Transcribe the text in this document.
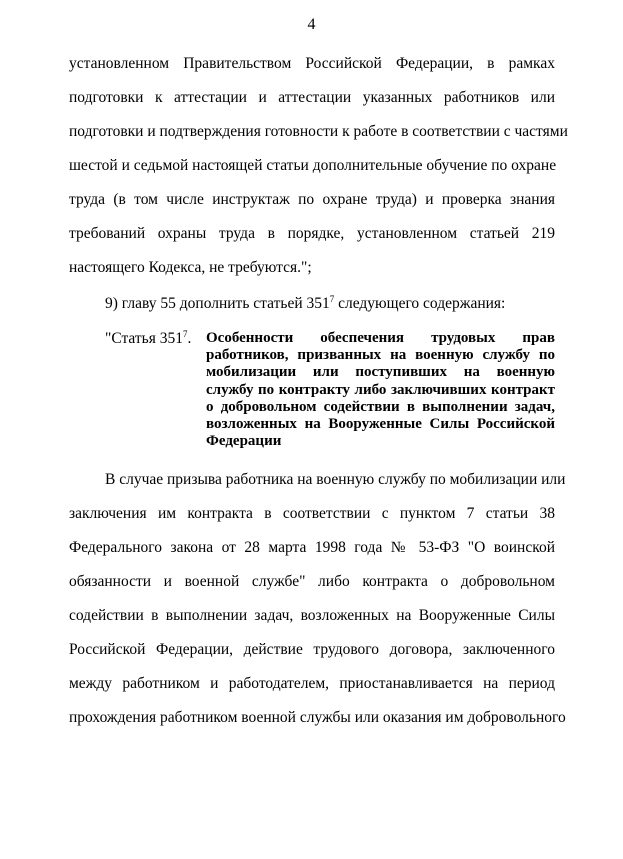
4
установленном Правительством Российской Федерации, в рамках
подготовки к аттестации и аттестации указанных работников или
подготовки и подтверждения готовности к работе в соответствии с частями
шестой и седьмой настоящей статьи дополнительные обучение по охране
труда (в том числе инструктаж по охране труда) и проверка знания
требований охраны труда в порядке, установленном статьей 219
настоящего Кодекса, не требуются.";
9) главу 55 дополнить статьей $351^7$ следующего содержания:
"Статья $351^7$. Особенности обеспечения трудовых прав
работников, призванных на военную службу по
мобилизации или поступивших на военную
службу по контракту либо заключивших контракт
о добровольном содействии в выполнении задач,
возложенных на Вооруженные Силы Российской
Федерации
В случае призыва работника на военную службу по мобилизации или
заключения им контракта в соответствии с пунктом 7 статьи 38
Федерального закона от 28 марта 1998 года № 53-ФЗ "О воинской
обязанности и военной службе" либо контракта о добровольном
содействии в выполнении задач, возложенных на Вооруженные Силы
Российской Федерации, действие трудового договора, заключенного
между работником и работодателем, приостанавливается на период
прохождения работником военной службы или оказания им добровольного
